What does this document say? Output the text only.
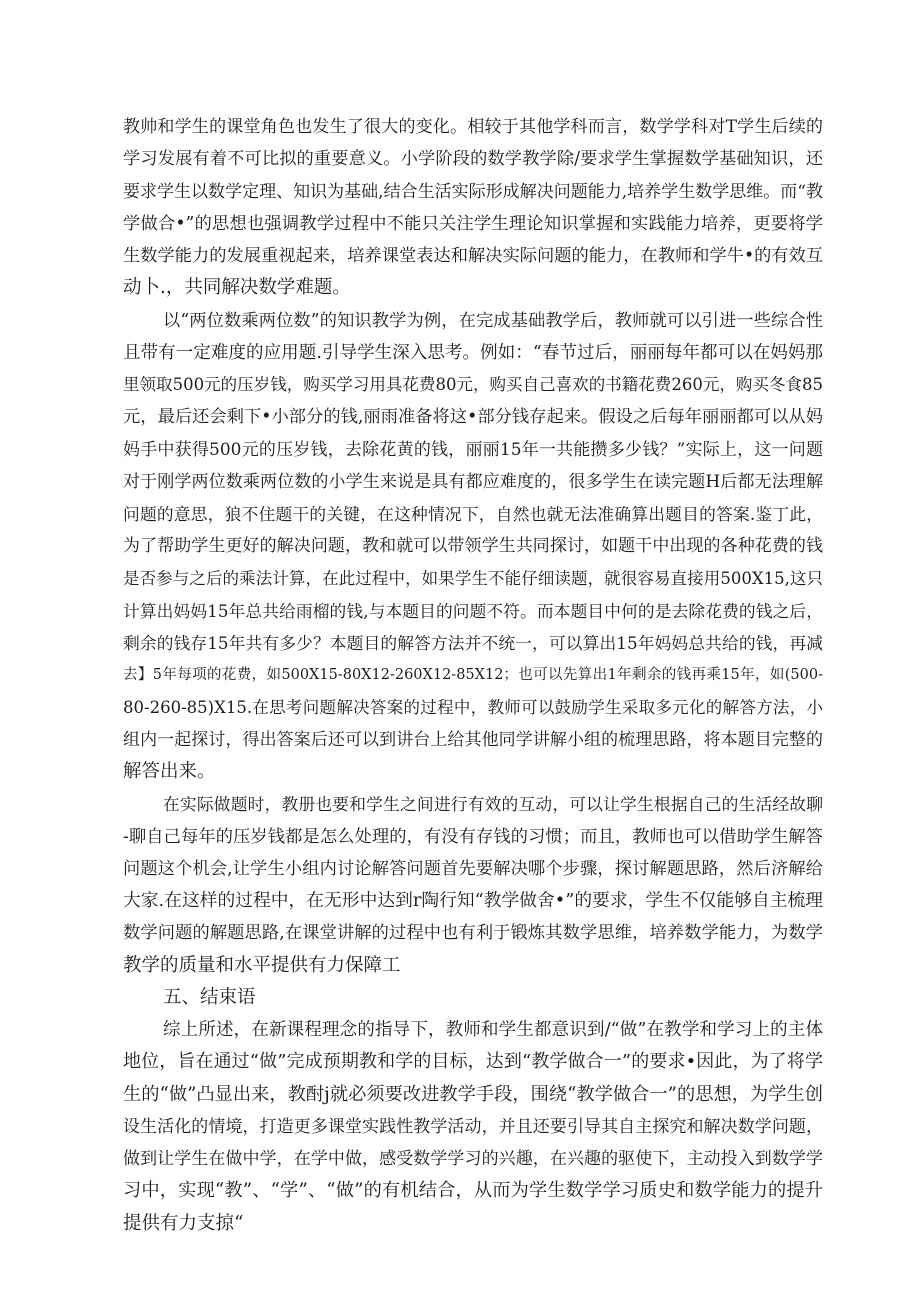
教帅和学生的课堂角色也发生了很大的变化。相较于其他学科而言，数学学科对T学生后续的
学习发展有着不可比拟的重要意义。小学阶段的数学教学除/要求学生掌握数学基础知识，还
要求学生以数学定理、知识为基础,结合生活实际形成解决问题能力,培养学生数学思维。而“教
学做合•”的思想也强调教学过程中不能只关注学生理论知识掌握和实践能力培养，更要将学
生数学能力的发展重视起来，培养课堂表达和解决实际问题的能力，在教师和学牛•的有效互
动卜.，共同解决数学难题。
以“两位数乘两位数”的知识教学为例，在完成基础教学后，教师就可以引进一些综合性
且带有一定难度的应用题.引导学生深入思考。例如：“春节过后，丽丽每年都可以在妈妈那
里领取500元的压岁钱，购买学习用具花费80元，购买自己喜欢的书籍花费260元，购买冬食85
元，最后还会剩下•小部分的钱,丽雨准备将这•部分钱存起来。假设之后每年丽丽都可以从妈
妈手中获得500元的压岁钱，去除花黄的钱，丽丽15年一共能攒多少钱？”实际上，这一问题
对于刚学两位数乘两位数的小学生来说是具有都应难度的，很多学生在读完题H后都无法理解
问题的意思，狼不住题干的关键，在这种情况下，自然也就无法准确算出题目的答案.鉴丁此，
为了帮助学生更好的解决问题，教和就可以带领学生共同探讨，如题干中出现的各种花费的钱
是否参与之后的乘法计算，在此过程中，如果学生不能仔细读题，就很容易直接用500X15,这只
计算出妈妈15年总共给雨榴的钱,与本题目的问题不符。而本题目中何的是去除花费的钱之后，
剩余的钱存15年共有多少？本题目的解答方法并不统一，可以算出15年妈妈总共给的钱，再减
去】5年每项的花费，如500X15-80X12-260X12-85X12；也可以先算出1年剩余的钱再乘15年，如(500-
80-260-85)X15.在思考问题解决答案的过程中，教师可以鼓励学生采取多元化的解答方法，小
组内一起探讨，得出答案后还可以到讲台上给其他同学讲解小组的梳理思路，将本题目完整的
解答出来。
在实际做题时，教册也要和学生之间进行有效的互动，可以让学生根据自己的生活经故聊
-聊自己每年的压岁钱都是怎么处理的，有没有存钱的习惯；而且，教师也可以借助学生解答
问题这个机会,让学生小组内讨论解答问题首先要解决哪个步骤，探讨解题思路，然后济解给
大家.在这样的过程中，在无形中达到r陶行知“教学做舍•”的要求，学生不仅能够自主梳理
数学问题的解题思路,在课堂讲解的过程中也有利于锻炼其数学思维，培养数学能力，为数学
教学的质量和水平提供有力保障工
五、结束语
综上所述，在新课程理念的指导下，教师和学生都意识到/“做”在教学和学习上的主体
地位，旨在通过“做”完成预期教和学的目标，达到“教学做合一”的要求•因此，为了将学
生的“做”凸显出来，教酎j就必须要改进教学手段，围绕“教学做合一”的思想，为学生创
设生活化的情境，打造更多课堂实践性教学活动，并且还要引导其自主探究和解决数学问题，
做到让学生在做中学，在学中做，感受数学学习的兴趣，在兴趣的驱使下，主动投入到数学学
习中，实现“教”、“学”、“做”的有机结合，从而为学生数学学习质史和数学能力的提升
提供有力支掠“
